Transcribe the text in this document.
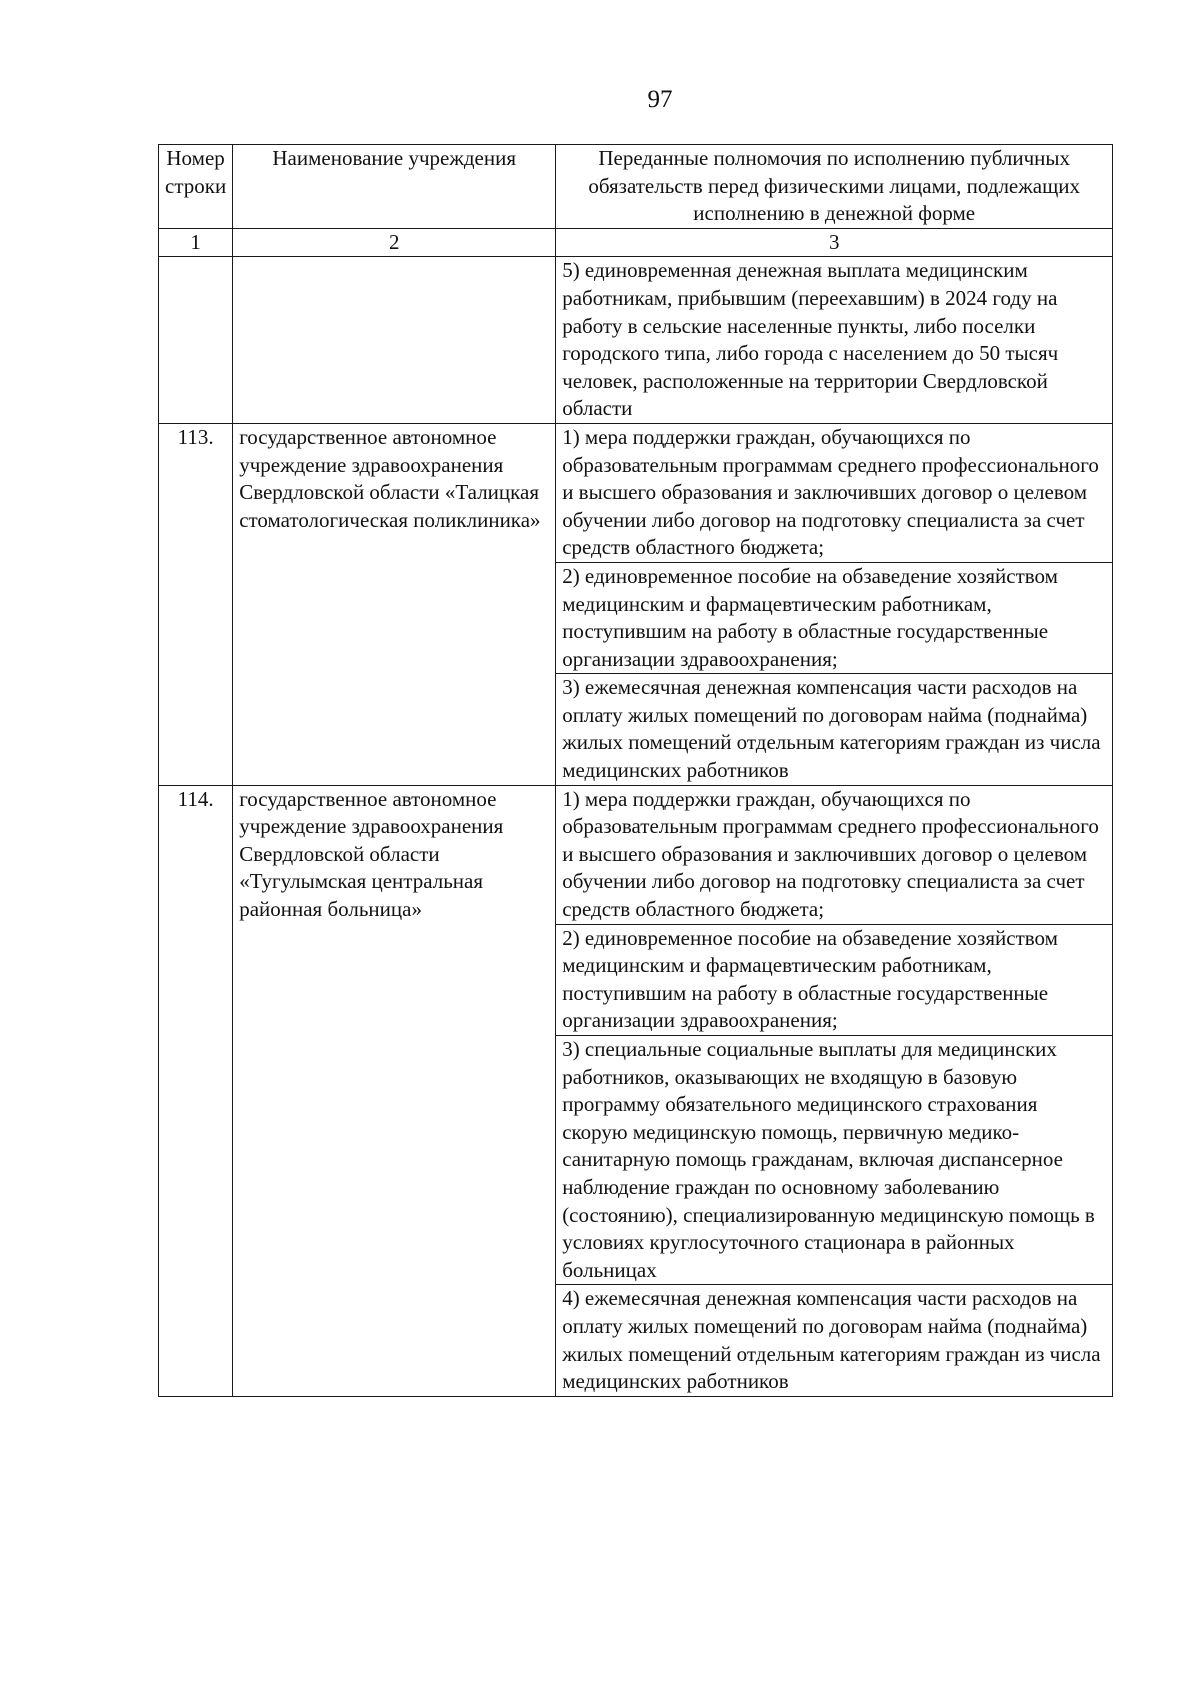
97
Номер строки	Наименование учреждения	Переданные полномочия по исполнению публичных обязательств перед физическими лицами, подлежащих исполнению в денежной форме
1	2	3
		5) единовременная денежная выплата медицинским работникам, прибывшим (переехавшим) в 2024 году на работу в сельские населенные пункты, либо поселки городского типа, либо города с населением до 50 тысяч человек, расположенные на территории Свердловской области
113.	государственное автономное учреждение здравоохранения Свердловской области «Талицкая стоматологическая поликлиника»	1) мера поддержки граждан, обучающихся по образовательным программам среднего профессионального и высшего образования и заключивших договор о целевом обучении либо договор на подготовку специалиста за счет средств областного бюджета;
		2) единовременное пособие на обзаведение хозяйством медицинским и фармацевтическим работникам, поступившим на работу в областные государственные организации здравоохранения;
		3) ежемесячная денежная компенсация части расходов на оплату жилых помещений по договорам найма (поднайма) жилых помещений отдельным категориям граждан из числа медицинских работников
114.	государственное автономное учреждение здравоохранения Свердловской области «Тугулымская центральная районная больница»	1) мера поддержки граждан, обучающихся по образовательным программам среднего профессионального и высшего образования и заключивших договор о целевом обучении либо договор на подготовку специалиста за счет средств областного бюджета;
		2) единовременное пособие на обзаведение хозяйством медицинским и фармацевтическим работникам, поступившим на работу в областные государственные организации здравоохранения;
		3) специальные социальные выплаты для медицинских работников, оказывающих не входящую в базовую программу обязательного медицинского страхования скорую медицинскую помощь, первичную медико-санитарную помощь гражданам, включая диспансерное наблюдение граждан по основному заболеванию (состоянию), специализированную медицинскую помощь в условиях круглосуточного стационара в районных больницах
		4) ежемесячная денежная компенсация части расходов на оплату жилых помещений по договорам найма (поднайма) жилых помещений отдельным категориям граждан из числа медицинских работников
